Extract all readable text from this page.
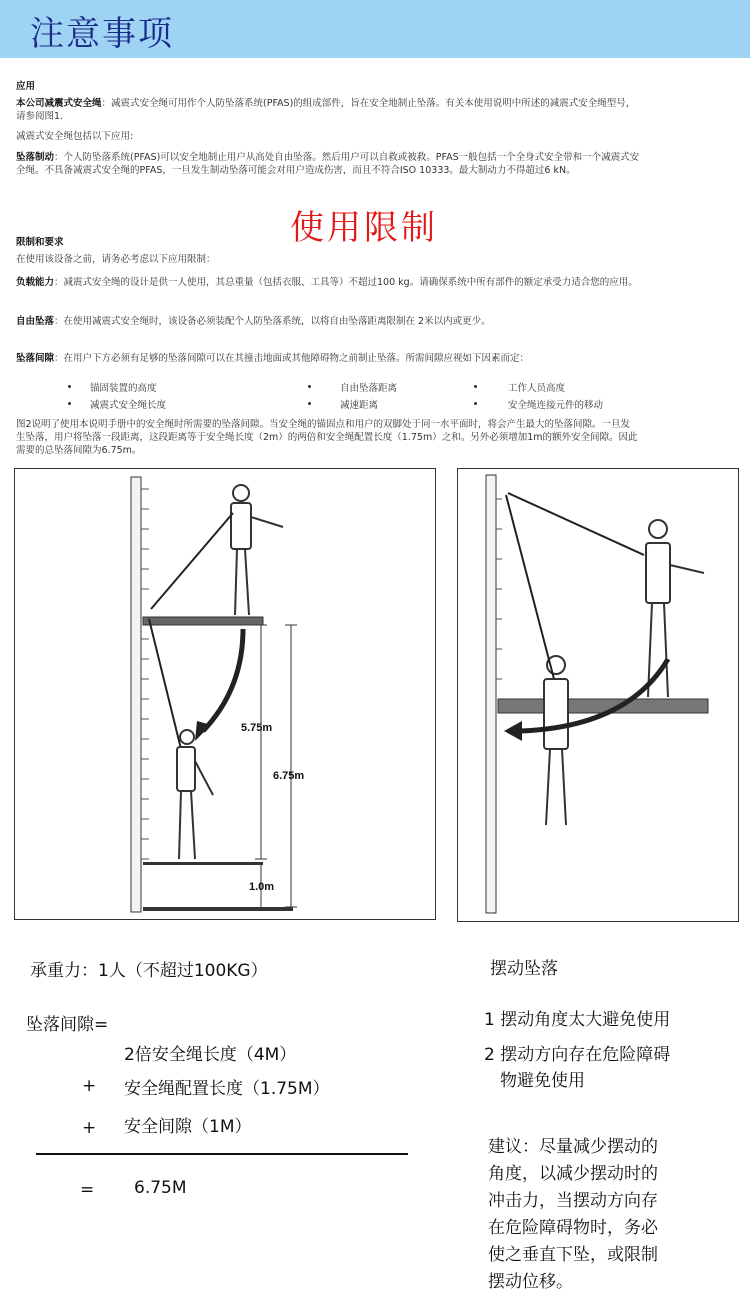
注意事项
应用
本公司减震式安全绳：减震式安全绳可用作个人防坠落系统(PFAS)的组成部件，旨在安全地制止坠落。有关本使用说明中所述的减震式安全绳型号，
请参阅图1.
减震式安全绳包括以下应用:
坠落制动：个人防坠落系统(PFAS)可以安全地制止用户从高处自由坠落。然后用户可以自救或被救。PFAS一般包括一个全身式安全带和一个减震式安
全绳。不具备减震式安全绳的PFAS，一旦发生制动坠落可能会对用户造成伤害，而且不符合ISO 10333。最大制动力不得超过6 kN。
使用限制
限制和要求
在使用该设备之前，请务必考虑以下应用限制：
负载能力：减震式安全绳的设计是供一人使用，其总重量（包括衣服、工具等）不超过100 kg。请确保系统中所有部件的额定承受力适合您的应用。
自由坠落：在使用减震式安全绳时，该设备必须装配个人防坠落系统，以将自由坠落距离限制在 2米以内或更少。
坠落间隙：在用户下方必须有足够的坠落间隙可以在其撞击地面或其他障碍物之前制止坠落。所需间隙应视如下因素而定：
锚固装置的高度	自由坠落距离	工作人员高度
减震式安全绳长度	减速距离	安全绳连接元件的移动
图2说明了使用本说明手册中的安全绳时所需要的坠落间隙。当安全绳的锚固点和用户的双脚处于同一水平面时，将会产生最大的坠落间隙。一旦发
生坠落，用户将坠落一段距离，这段距离等于安全绳长度（2m）的两倍和安全绳配置长度（1.75m）之和。另外必须增加1m的额外安全间隙。因此
需要的总坠落间隙为6.75m。
5.75m
6.75m
1.0m
承重力：1人（不超过100KG）
坠落间隙=
2倍安全绳长度（4M）
+ 安全绳配置长度（1.75M）
+ 安全间隙（1M）
= 6.75M
摆动坠落
1 摆动角度太大避免使用
2 摆动方向存在危险障碍
物避免使用
建议：尽量减少摆动的
角度，以减少摆动时的
冲击力，当摆动方向存
在危险障碍物时，务必
使之垂直下坠，或限制
摆动位移。
